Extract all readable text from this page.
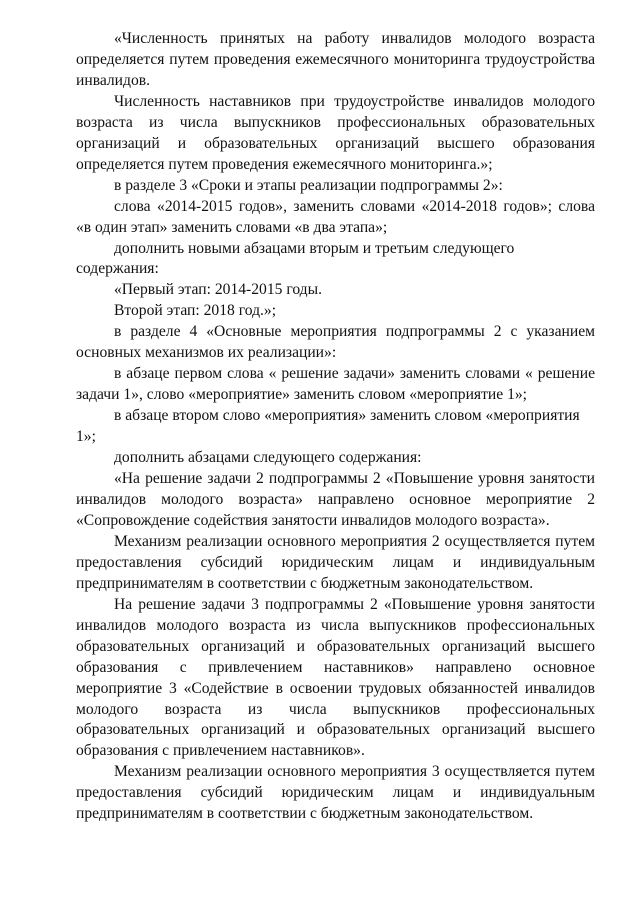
«Численность принятых на работу инвалидов молодого возраста определяется путем проведения ежемесячного мониторинга трудоустройства инвалидов.

Численность наставников при трудоустройстве инвалидов молодого возраста из числа выпускников профессиональных образовательных организаций и образовательных организаций высшего образования определяется путем проведения ежемесячного мониторинга.»;

в разделе 3 «Сроки и этапы реализации подпрограммы 2»:

слова «2014-2015 годов», заменить словами «2014-2018 годов»; слова «в один этап» заменить словами «в два этапа»;

дополнить новыми абзацами вторым и третьим следующего содержания:

«Первый этап: 2014-2015 годы.

Второй этап: 2018 год.»;

в разделе 4 «Основные мероприятия подпрограммы 2 с указанием основных механизмов их реализации»:

в абзаце первом слова « решение задачи» заменить словами « решение задачи 1», слово «мероприятие» заменить словом «мероприятие 1»;

в абзаце втором слово «мероприятия» заменить словом «мероприятия 1»;

дополнить абзацами следующего содержания:

«На решение задачи 2 подпрограммы 2 «Повышение уровня занятости инвалидов молодого возраста» направлено основное мероприятие 2 «Сопровождение содействия занятости инвалидов молодого возраста».

Механизм реализации основного мероприятия 2 осуществляется путем предоставления субсидий юридическим лицам и индивидуальным предпринимателям в соответствии с бюджетным законодательством.

На решение задачи 3 подпрограммы 2 «Повышение уровня занятости инвалидов молодого возраста из числа выпускников профессиональных образовательных организаций и образовательных организаций высшего образования с привлечением наставников» направлено основное мероприятие 3 «Содействие в освоении трудовых обязанностей инвалидов молодого возраста из числа выпускников профессиональных образовательных организаций и образовательных организаций высшего образования с привлечением наставников».

Механизм реализации основного мероприятия 3 осуществляется путем предоставления субсидий юридическим лицам и индивидуальным предпринимателям в соответствии с бюджетным законодательством.
